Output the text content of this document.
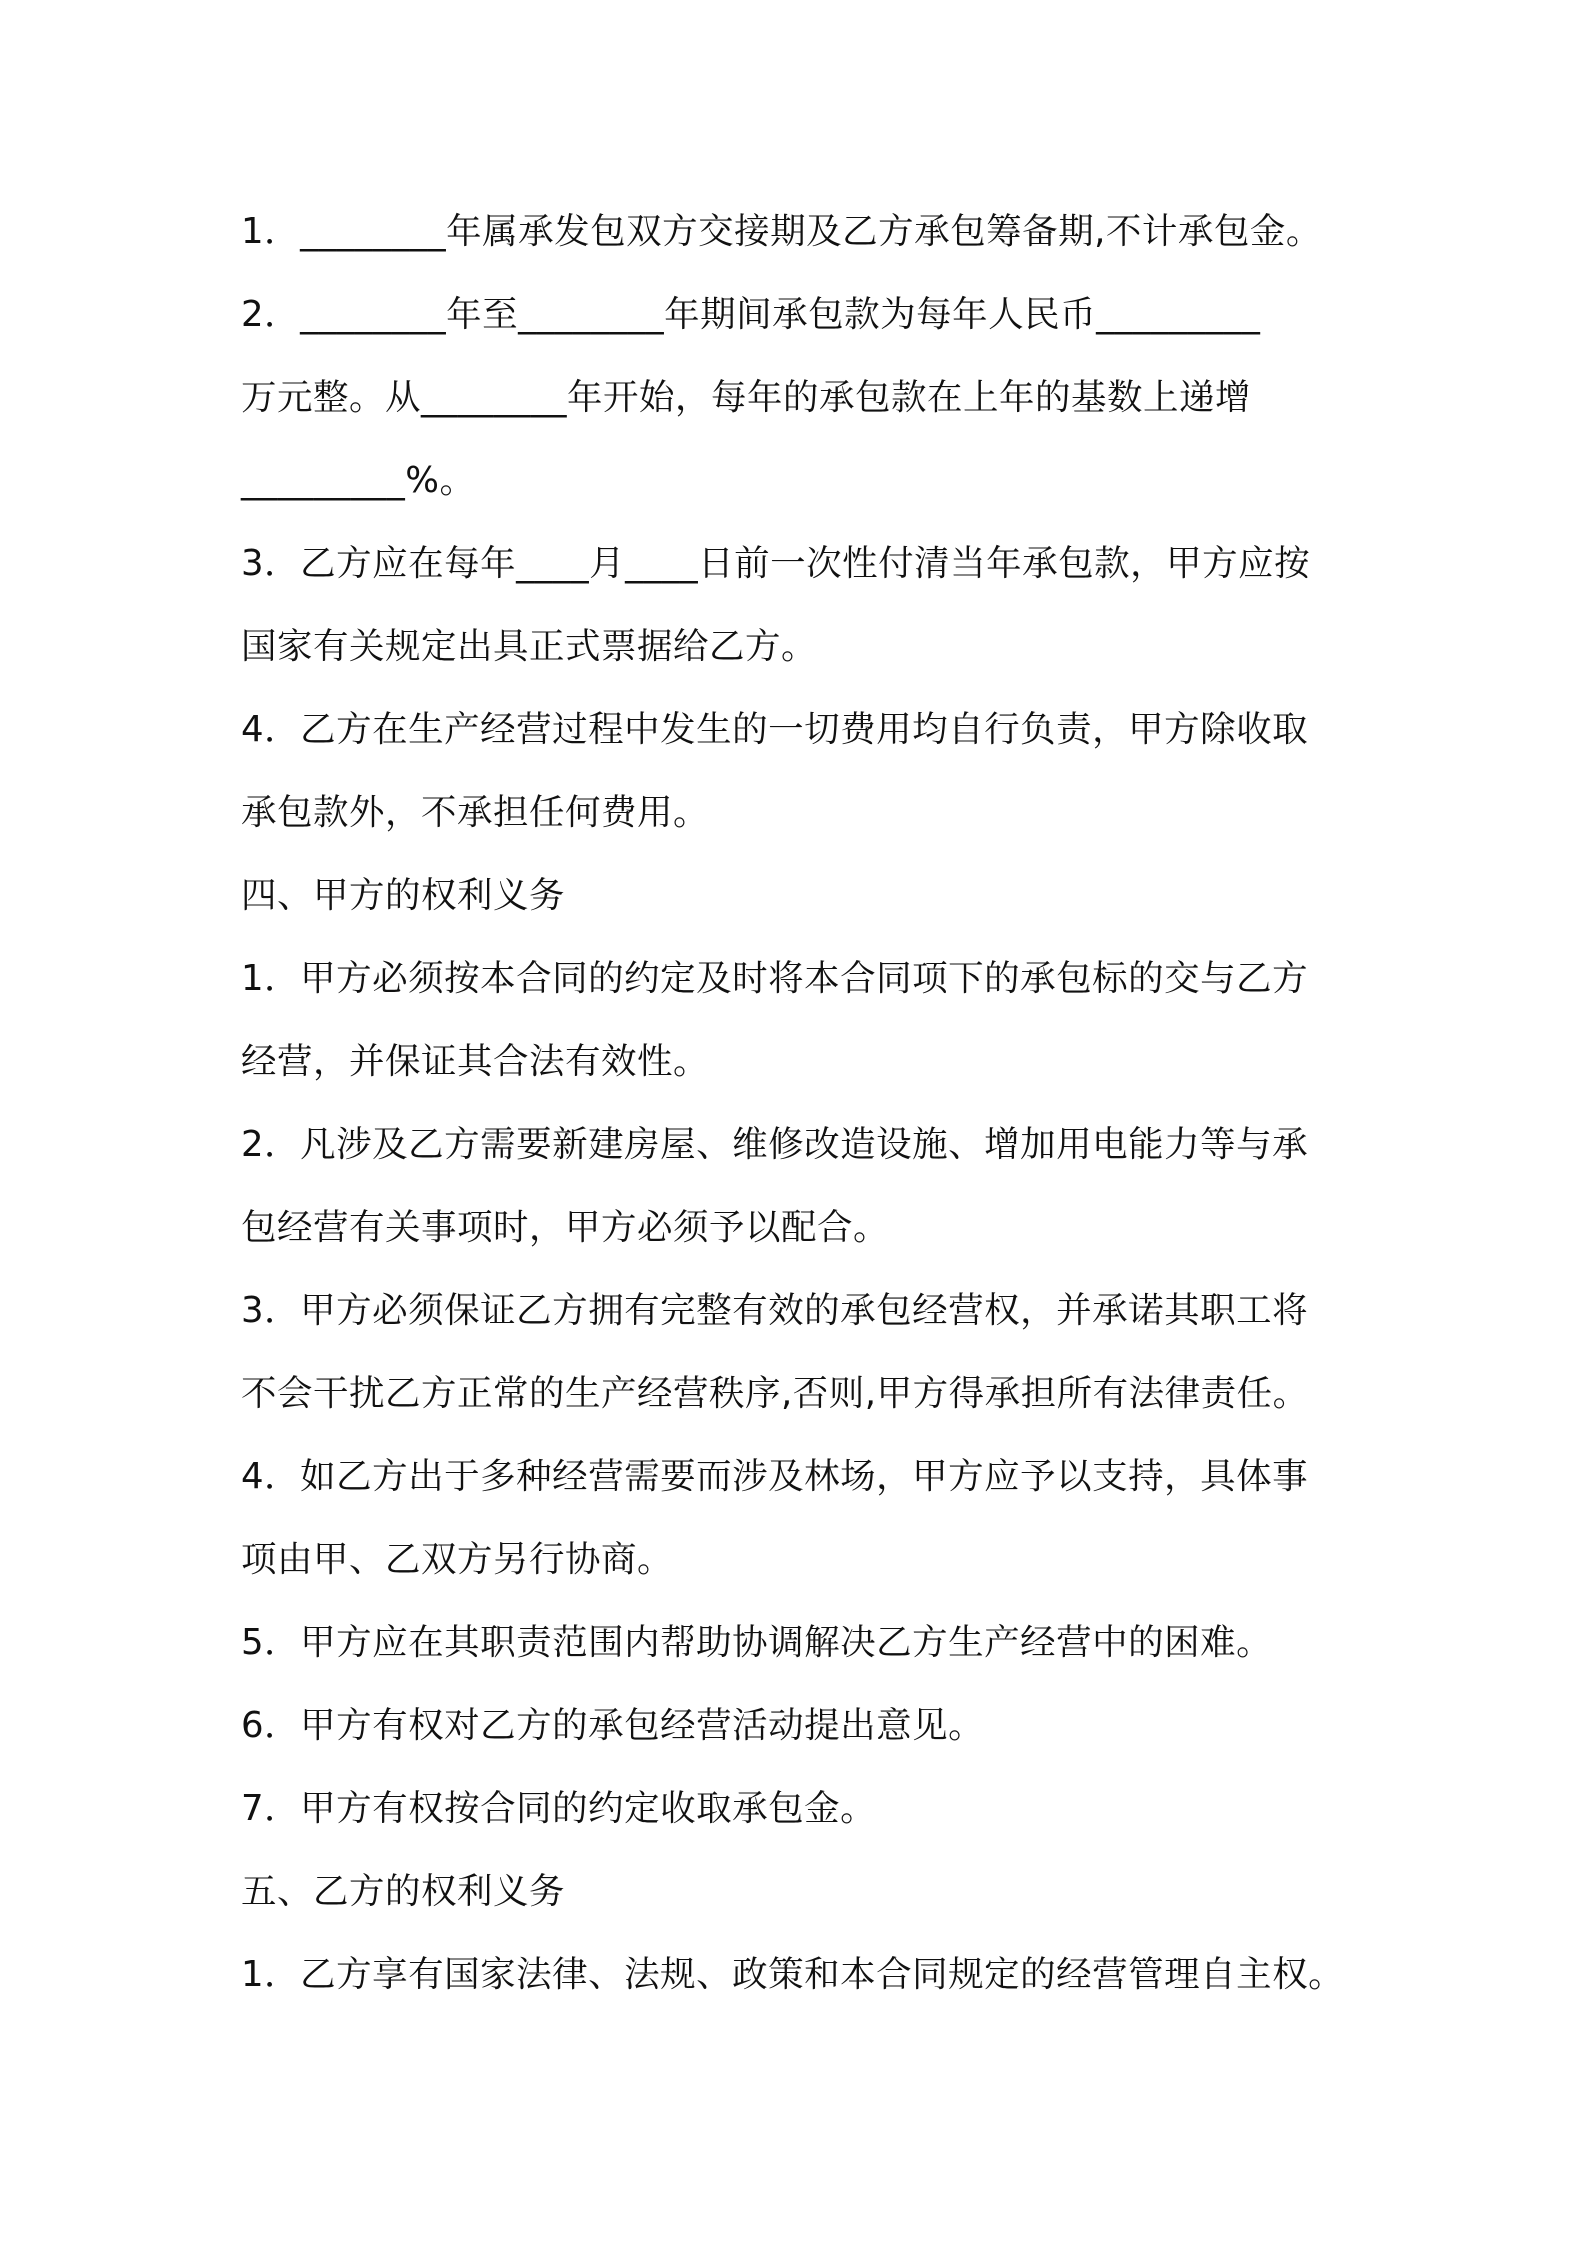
1．________年属承发包双方交接期及乙方承包筹备期,不计承包金。
2．________年至________年期间承包款为每年人民币_________
万元整。从________年开始，每年的承包款在上年的基数上递增
_________%。
3．乙方应在每年____月____日前一次性付清当年承包款，甲方应按
国家有关规定出具正式票据给乙方。
4．乙方在生产经营过程中发生的一切费用均自行负责，甲方除收取
承包款外，不承担任何费用。
四、甲方的权利义务
1．甲方必须按本合同的约定及时将本合同项下的承包标的交与乙方
经营，并保证其合法有效性。
2．凡涉及乙方需要新建房屋、维修改造设施、增加用电能力等与承
包经营有关事项时，甲方必须予以配合。
3．甲方必须保证乙方拥有完整有效的承包经营权，并承诺其职工将
不会干扰乙方正常的生产经营秩序,否则,甲方得承担所有法律责任。
4．如乙方出于多种经营需要而涉及林场，甲方应予以支持，具体事
项由甲、乙双方另行协商。
5．甲方应在其职责范围内帮助协调解决乙方生产经营中的困难。
6．甲方有权对乙方的承包经营活动提出意见。
7．甲方有权按合同的约定收取承包金。
五、乙方的权利义务
1．乙方享有国家法律、法规、政策和本合同规定的经营管理自主权。
